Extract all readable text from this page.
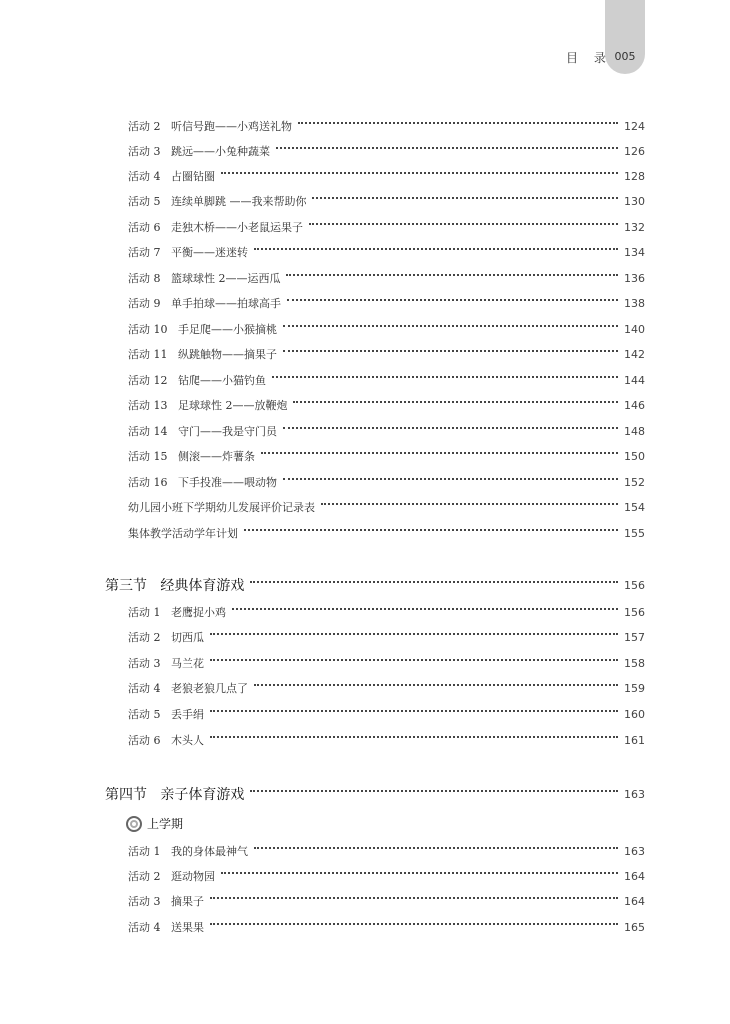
005
目 录
活动 2   听信号跑——小鸡送礼物	124
活动 3   跳远——小兔种蔬菜	126
活动 4   占圈钻圈	128
活动 5   连续单脚跳 ——我来帮助你	130
活动 6   走独木桥——小老鼠运果子	132
活动 7   平衡——迷迷转	134
活动 8   篮球球性 2——运西瓜	136
活动 9   单手拍球——拍球高手	138
活动 10   手足爬——小猴摘桃	140
活动 11   纵跳触物——摘果子	142
活动 12   钻爬——小猫钓鱼	144
活动 13   足球球性 2——放鞭炮	146
活动 14   守门——我是守门员	148
活动 15   侧滚——炸薯条	150
活动 16   下手投准——喂动物	152
幼儿园小班下学期幼儿发展评价记录表	154
集体教学活动学年计划	155
第三节   经典体育游戏	156
活动 1   老鹰捉小鸡	156
活动 2   切西瓜	157
活动 3   马兰花	158
活动 4   老狼老狼几点了	159
活动 5   丢手绢	160
活动 6   木头人	161
第四节   亲子体育游戏	163
上学期
活动 1   我的身体最神气	163
活动 2   逛动物园	164
活动 3   摘果子	164
活动 4   送果果	165
